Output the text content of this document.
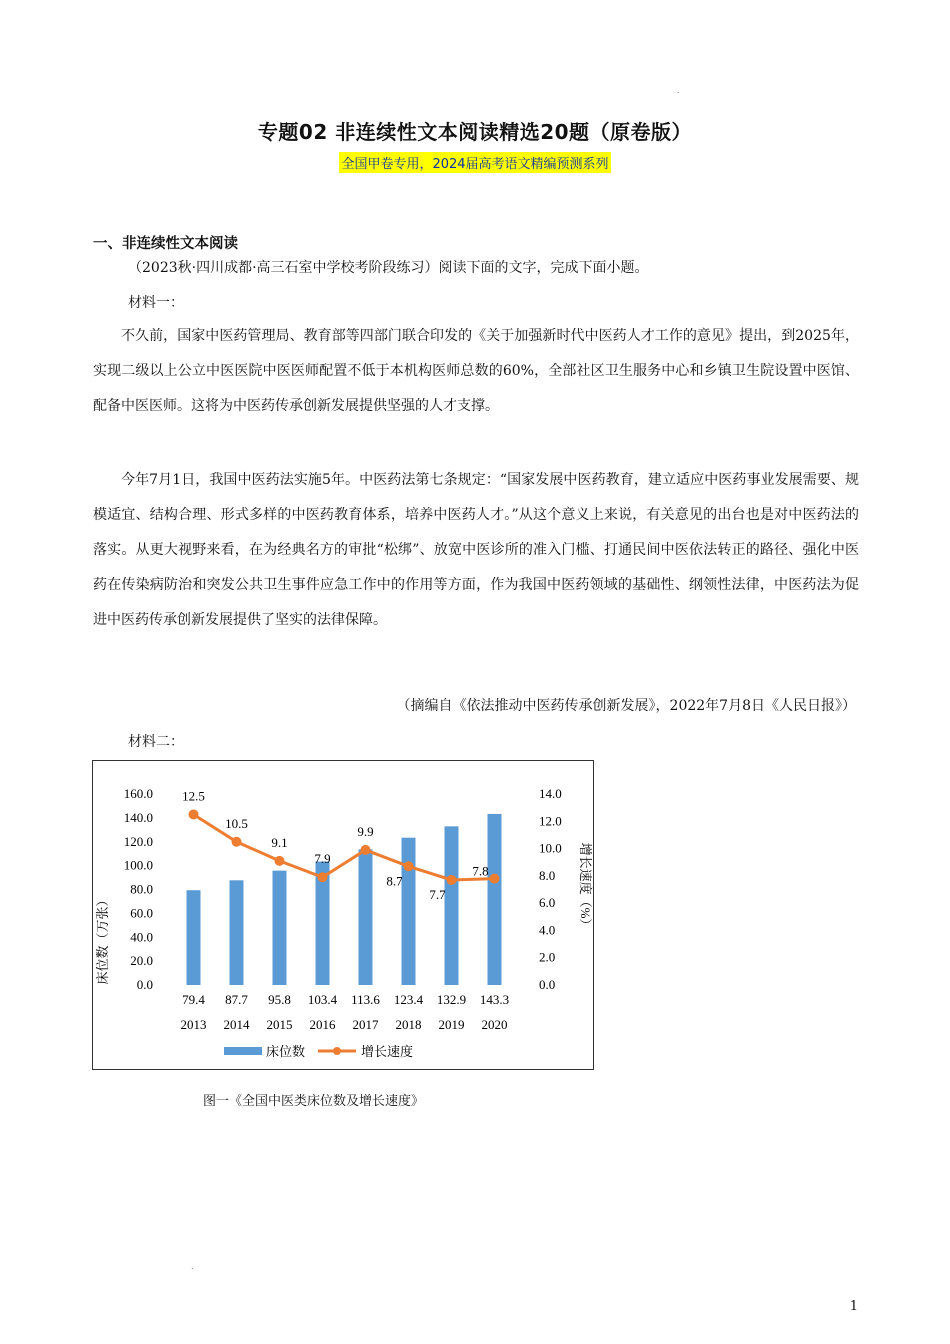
.
专题02 非连续性文本阅读精选20题（原卷版）
全国甲卷专用，2024届高考语文精编预测系列
一、非连续性文本阅读
（2023秋·四川成都·高三石室中学校考阶段练习）阅读下面的文字，完成下面小题。
材料一：
不久前，国家中医药管理局、教育部等四部门联合印发的《关于加强新时代中医药人才工作的意见》提出，到2025年，实现二级以上公立中医医院中医医师配置不低于本机构医师总数的60%，全部社区卫生服务中心和乡镇卫生院设置中医馆、配备中医医师。这将为中医药传承创新发展提供坚强的人才支撑。
今年7月1日，我国中医药法实施5年。中医药法第七条规定：“国家发展中医药教育，建立适应中医药事业发展需要、规模适宜、结构合理、形式多样的中医药教育体系，培养中医药人才。”从这个意义上来说，有关意见的出台也是对中医药法的落实。从更大视野来看，在为经典名方的审批“松绑”、放宽中医诊所的准入门槛、打通民间中医依法转正的路径、强化中医药在传染病防治和突发公共卫生事件应急工作中的作用等方面，作为我国中医药领域的基础性、纲领性法律，中医药法为促进中医药传承创新发展提供了坚实的法律保障。
（摘编自《依法推动中医药传承创新发展》，2022年7月8日《人民日报》）
材料二：
床位数（万张）
增长速度（%）
床位数	增长速度
0.0
20.0
40.0
60.0
80.0
100.0
120.0
140.0
160.0
0.0
2.0
4.0
6.0
8.0
10.0
12.0
14.0
79.4
2013
87.7
2014
95.8
2015
103.4
2016
113.6
2017
123.4
2018
132.9
2019
143.3
2020
12.5
10.5
9.1
7.9
9.9
8.7
7.7
7.8
图一《全国中医类床位数及增长速度》
.
1
